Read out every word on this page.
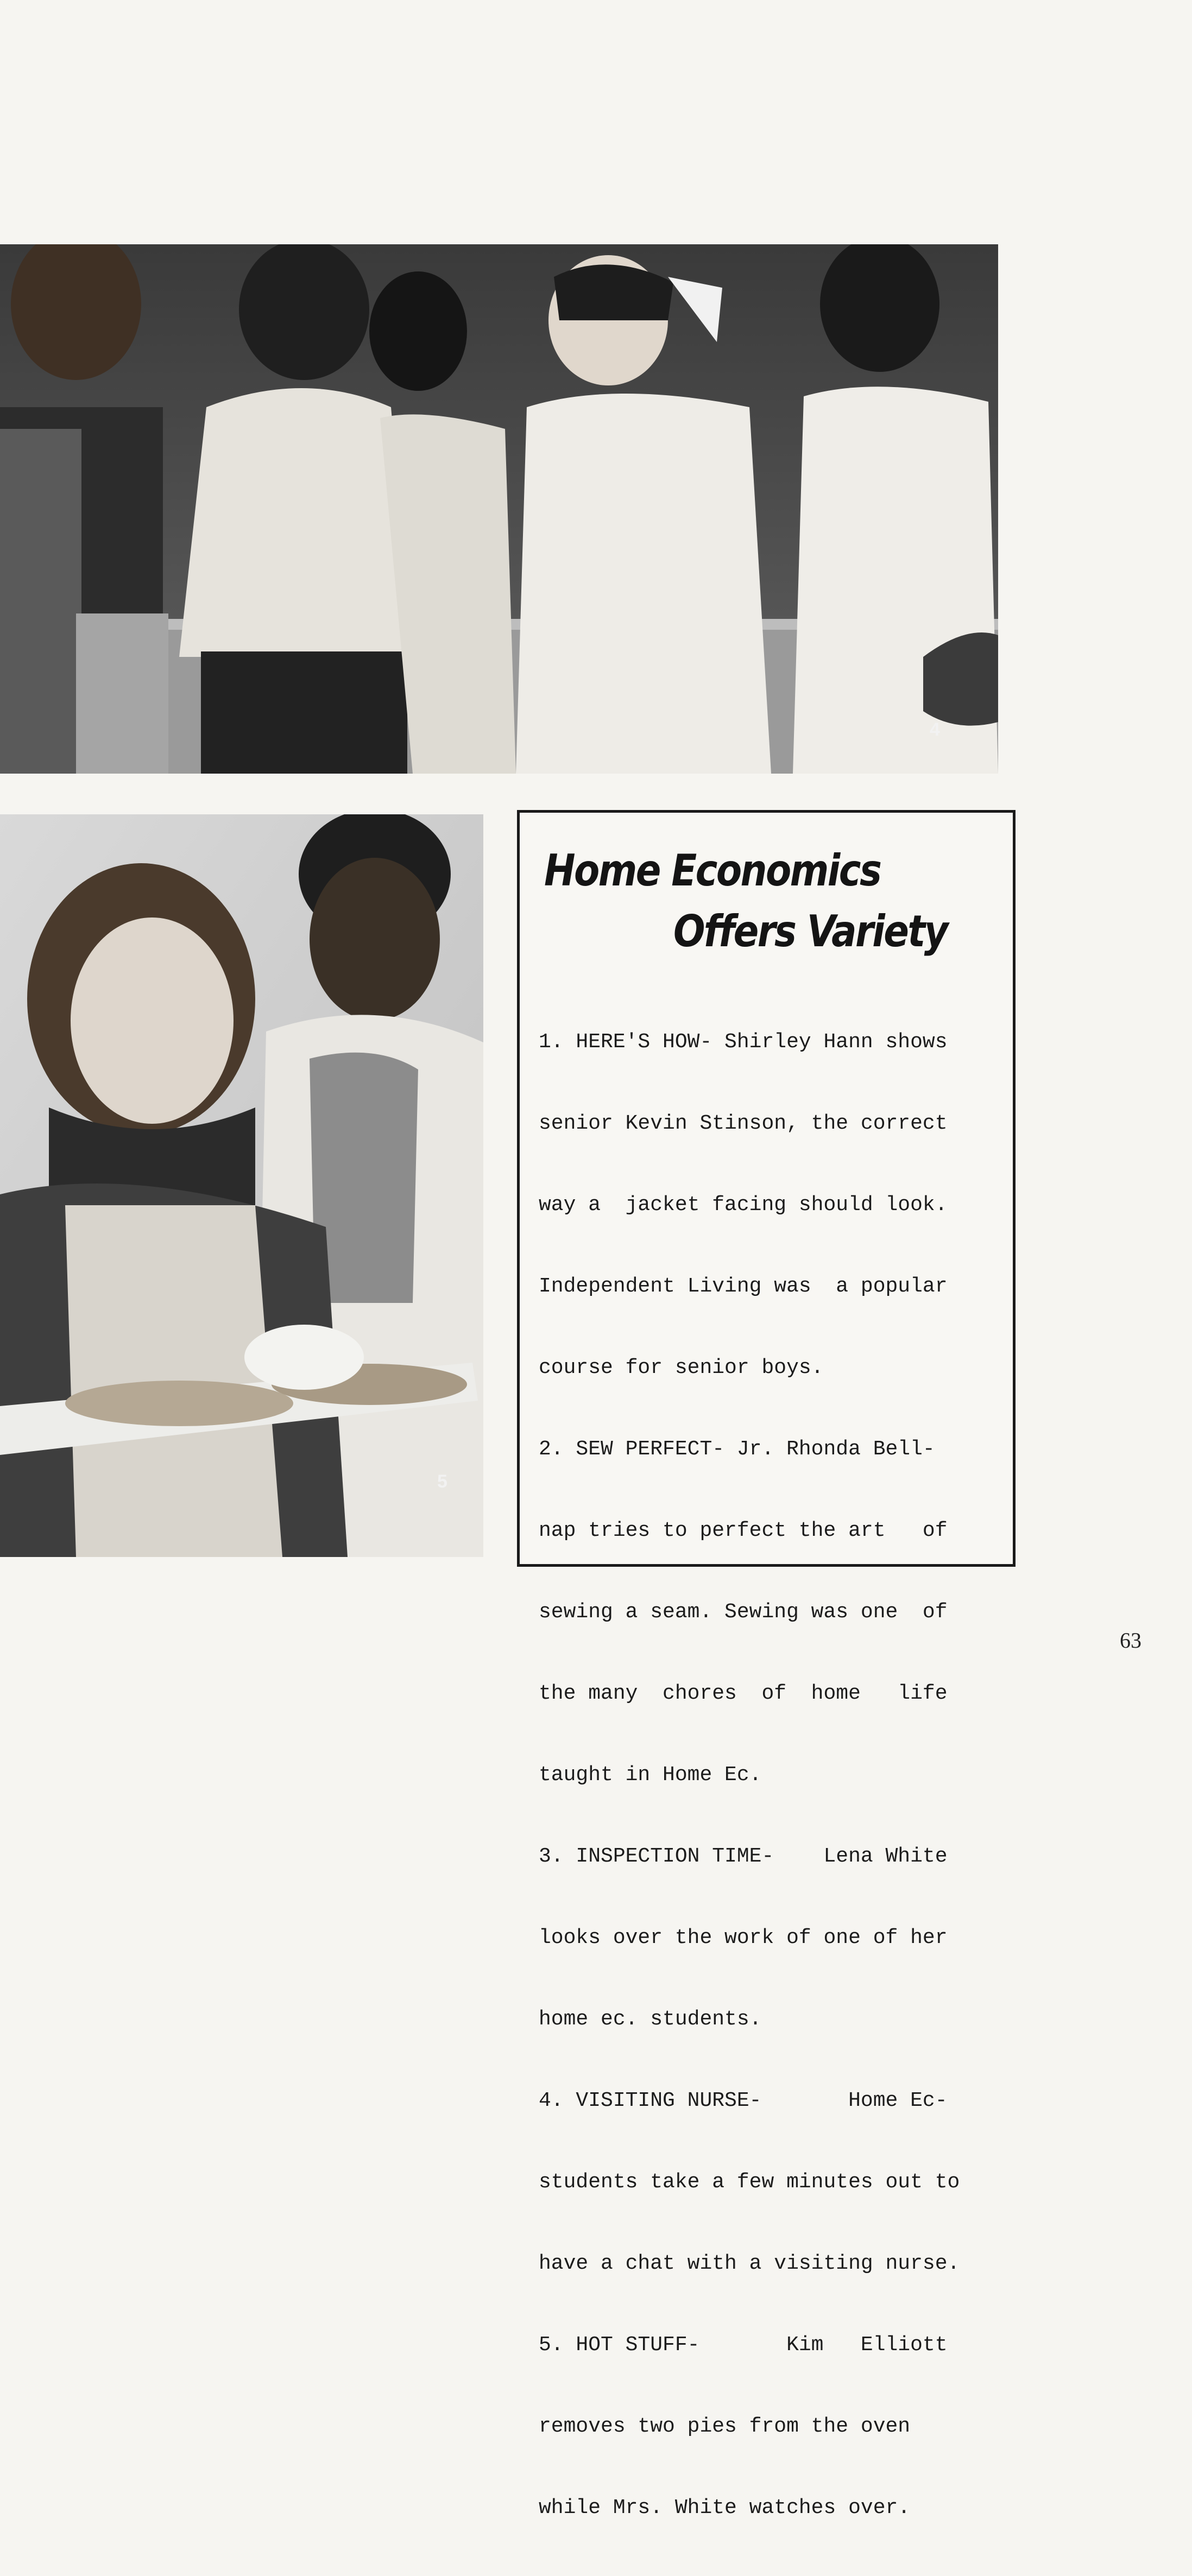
4
5
Home Economics
Offers Variety

1. HERE'S HOW- Shirley Hann shows

senior Kevin Stinson, the correct

way a  jacket facing should look.

Independent Living was  a popular

course for senior boys.

2. SEW PERFECT- Jr. Rhonda Bell-

nap tries to perfect the art   of

sewing a seam. Sewing was one  of

the many  chores  of  home   life

taught in Home Ec.

3. INSPECTION TIME-    Lena White

looks over the work of one of her

home ec. students.

4. VISITING NURSE-       Home Ec-

students take a few minutes out to

have a chat with a visiting nurse.

5. HOT STUFF-       Kim   Elliott

removes two pies from the oven

while Mrs. White watches over.

63
